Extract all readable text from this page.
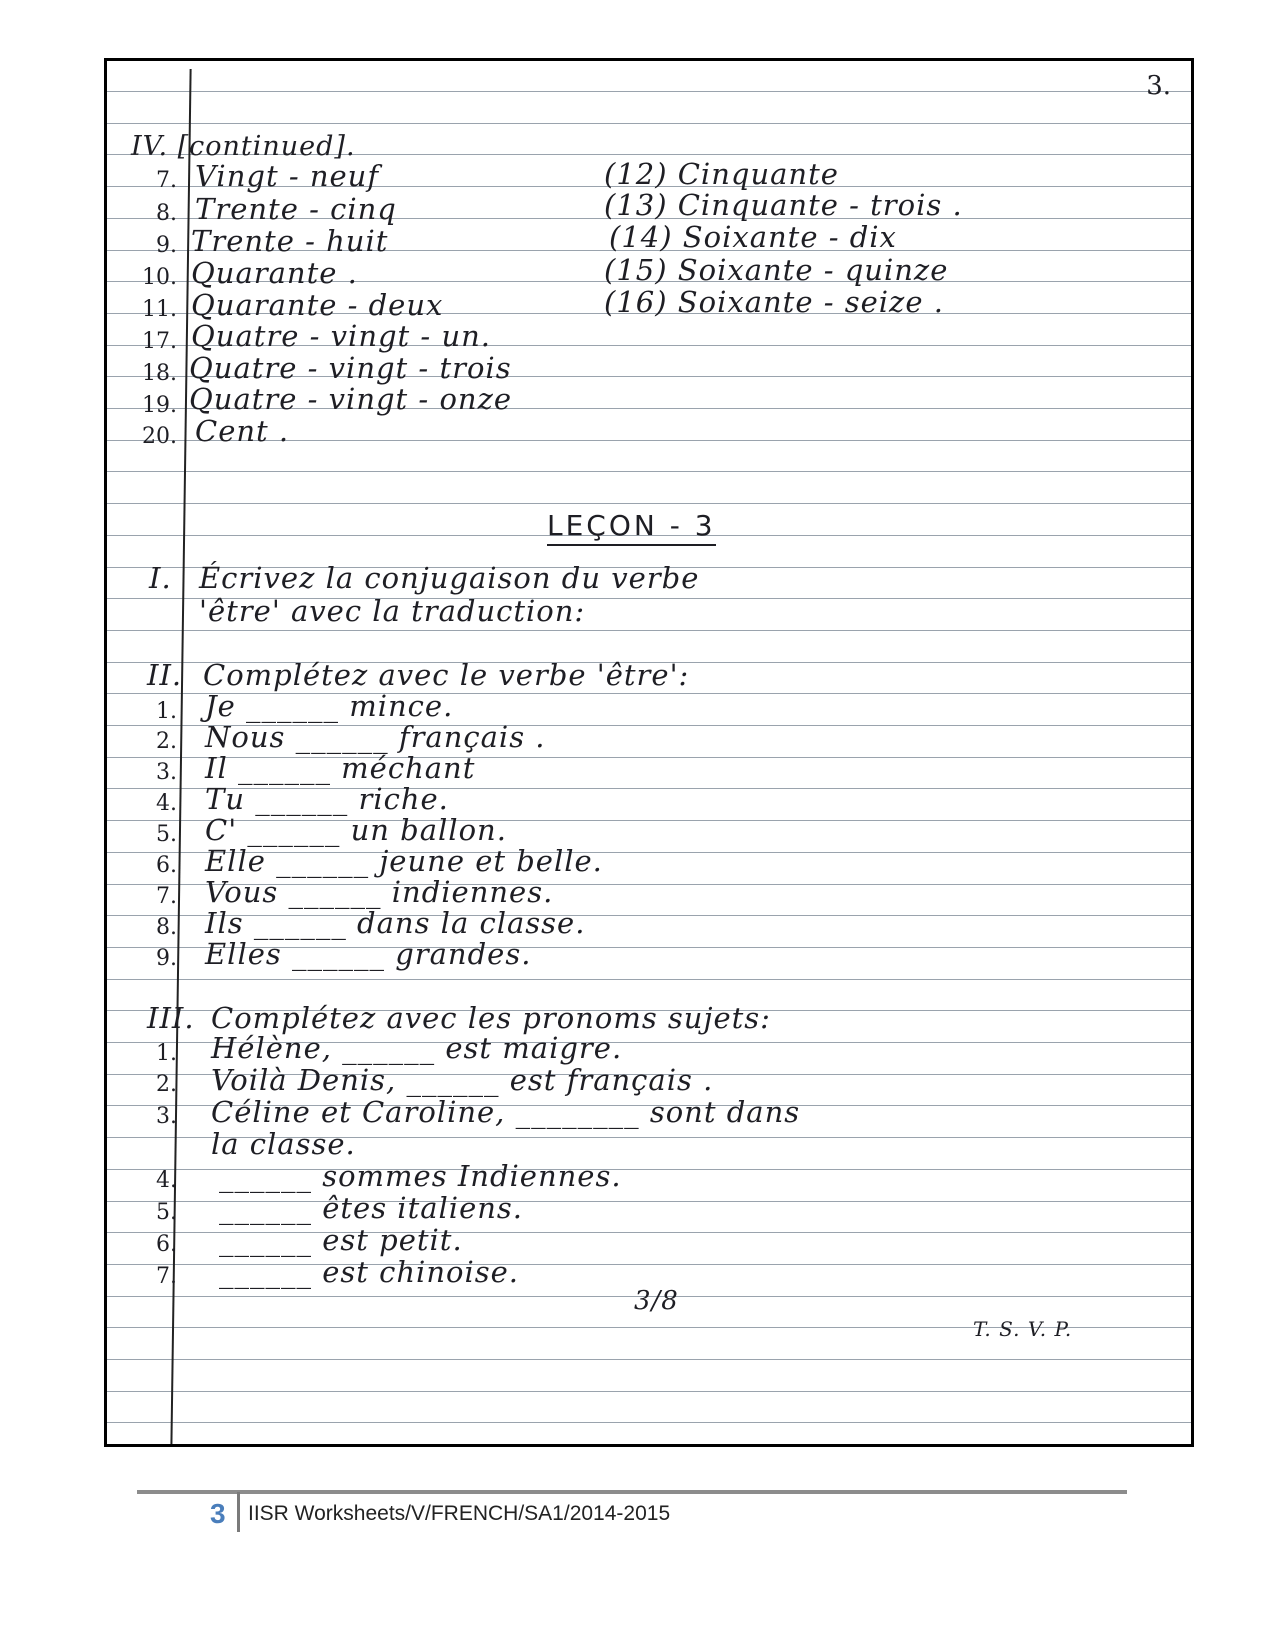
3.
IV. [continued].
7. Vingt - neuf
8. Trente - cinq
9. Trente - huit
10. Quarante .
11. Quarante - deux
17. Quatre - vingt - un.
18. Quatre - vingt - trois
19. Quatre - vingt - onze
20. Cent .
(12) Cinquante
(13) Cinquante - trois .
(14) Soixante - dix
(15) Soixante - quinze
(16) Soixante - seize .
LEÇON - 3
I. Écrivez la conjugaison du verbe
'être' avec la traduction:
II. Complétez avec le verbe 'être':
1. Je ______ mince.
2. Nous ______ français .
3. Il ______ méchant
4. Tu ______ riche.
5. C' ______ un ballon.
6. Elle ______ jeune et belle.
7. Vous ______ indiennes.
8. Ils ______ dans la classe.
9. Elles ______ grandes.
III. Complétez avec les pronoms sujets:
1. Hélène, ______ est maigre.
2. Voilà Denis, ______ est français .
3. Céline et Caroline, ________ sont dans
la classe.
4. ______ sommes Indiennes.
5. ______ êtes italiens.
6. ______ est petit.
7. ______ est chinoise.
3/8
T. S. V. P.
3 IISR Worksheets/V/FRENCH/SA1/2014-2015
